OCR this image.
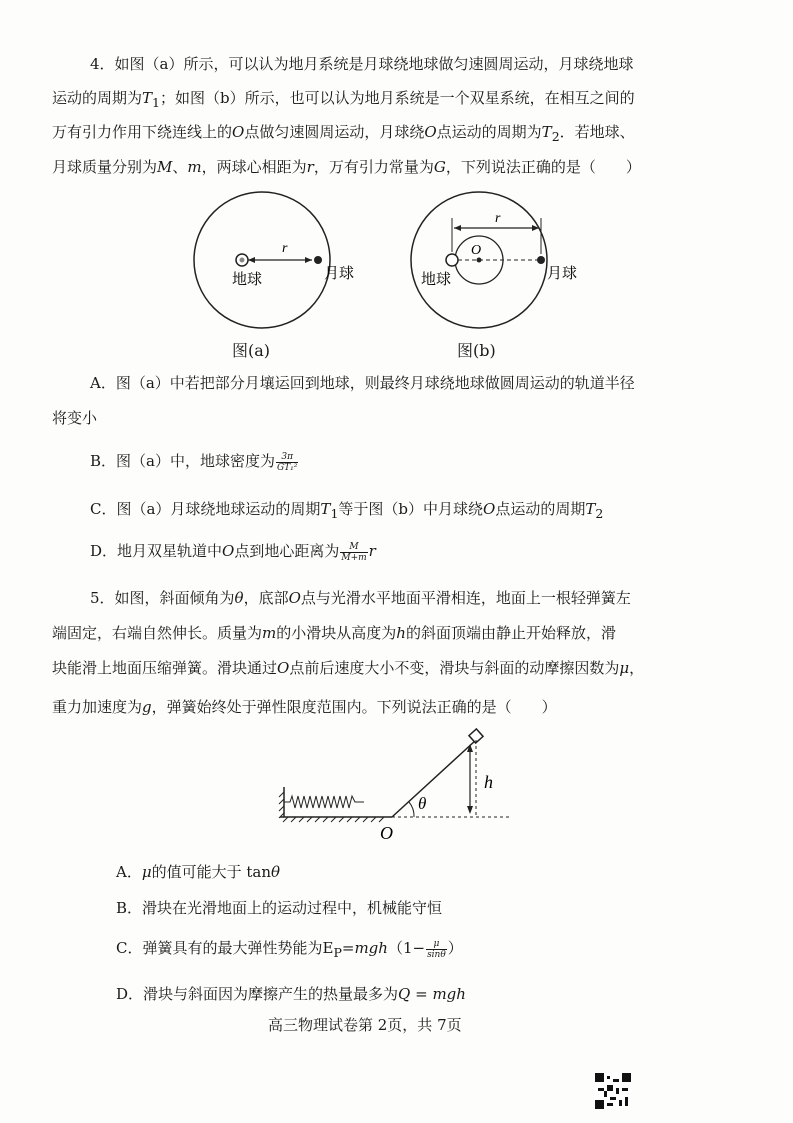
4．如图（a）所示，可以认为地月系统是月球绕地球做匀速圆周运动，月球绕地球
运动的周期为$T_1$；如图（b）所示，也可以认为地月系统是一个双星系统，在相互之间的
万有引力作用下绕连线上的O点做匀速圆周运动，月球绕O点运动的周期为$T_2$．若地球、
月球质量分别为M、m，两球心相距为r，万有引力常量为G，下列说法正确的是（　　）
r
地球	月球
图(a)
r
O
地球	月球
图(b)
A．图（a）中若把部分月壤运回到地球，则最终月球绕地球做圆周运动的轨道半径
将变小
B．图（a）中，地球密度为 $\frac{3\pi}{\text{GT₁²}}$
C．图（a）月球绕地球运动的周期$T_1$等于图（b）中月球绕O点运动的周期$T_2$
D．地月双星轨道中O点到地心距离为 $\frac{M}{M+m}$ r
5．如图，斜面倾角为θ，底部O点与光滑水平地面平滑相连，地面上一根轻弹簧左
端固定，右端自然伸长。质量为m的小滑块从高度为h的斜面顶端由静止开始释放，滑
块能滑上地面压缩弹簧。滑块通过O点前后速度大小不变，滑块与斜面的动摩擦因数为μ，
重力加速度为g，弹簧始终处于弹性限度范围内。下列说法正确的是（　　）
θ
h
O
A．μ的值可能大于 tanθ
B．滑块在光滑地面上的运动过程中，机械能守恒
C．弹簧具有的最大弹性势能为$E_P=mgh(1- \frac{\mu}{\sin\theta}$ ）
D．滑块与斜面因为摩擦产生的热量最多为Q = mgh
高三物理试卷第 2页，共 7页
